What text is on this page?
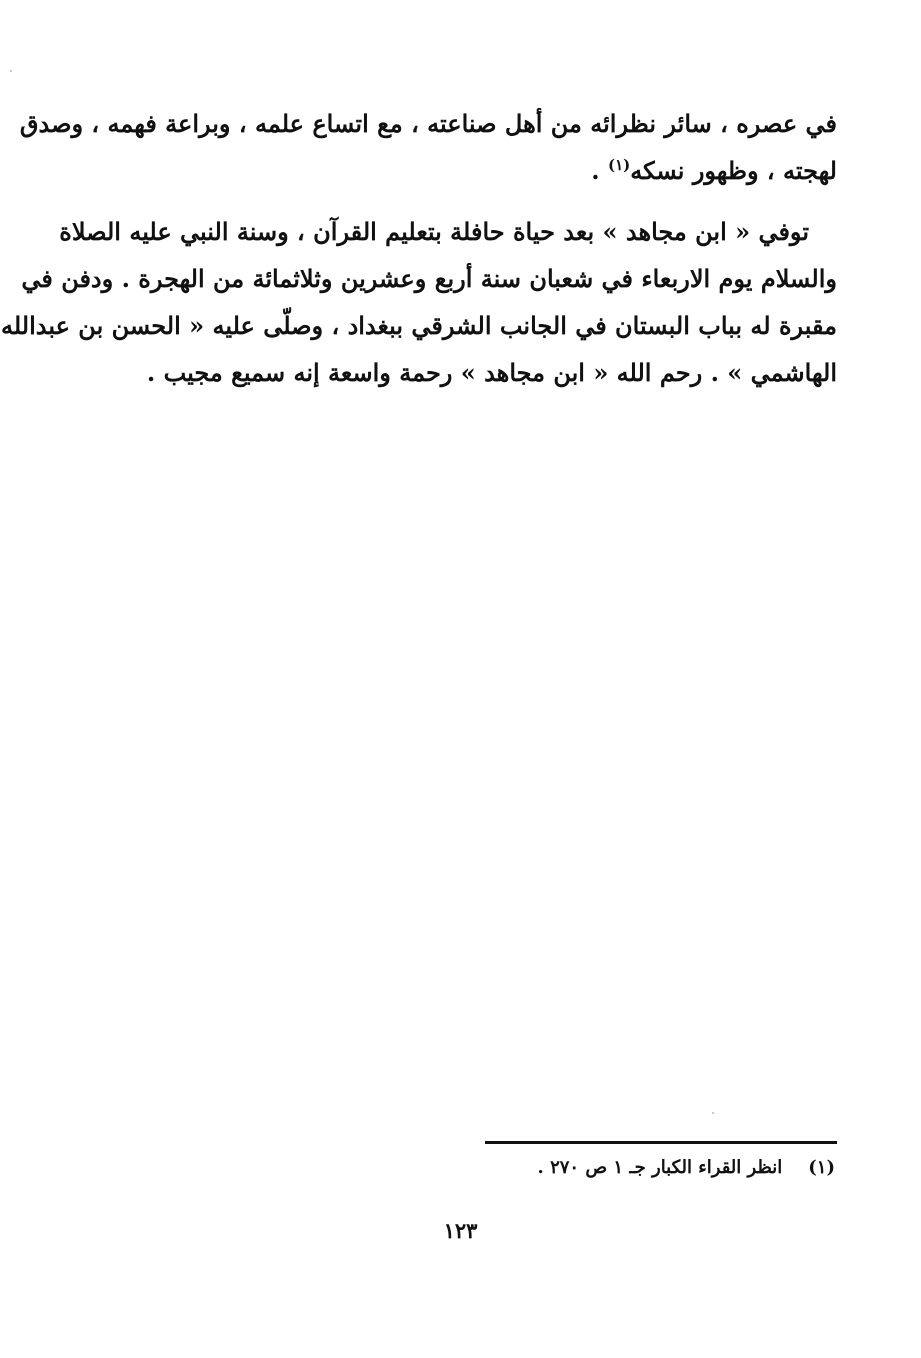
في عصره ، سائر نظرائه من أهل صناعته ، مع اتساع علمه ، وبراعة فهمه ، وصدق
لهجته ، وظهور نسكه$^{(١)}$ .
توفي « ابن مجاهد » بعد حياة حافلة بتعليم القرآن ، وسنة النبي عليه الصلاة
والسلام يوم الاربعاء في شعبان سنة أربع وعشرين وثلاثمائة من الهجرة . ودفن في
مقبرة له بباب البستان في الجانب الشرقي ببغداد ، وصلّى عليه « الحسن بن عبدالله
الهاشمي » . رحم الله « ابن مجاهد » رحمة واسعة إنه سميع مجيب .
(١)انظر القراء الكبار جـ ١ ص ٢٧٠ .
١٢٣
